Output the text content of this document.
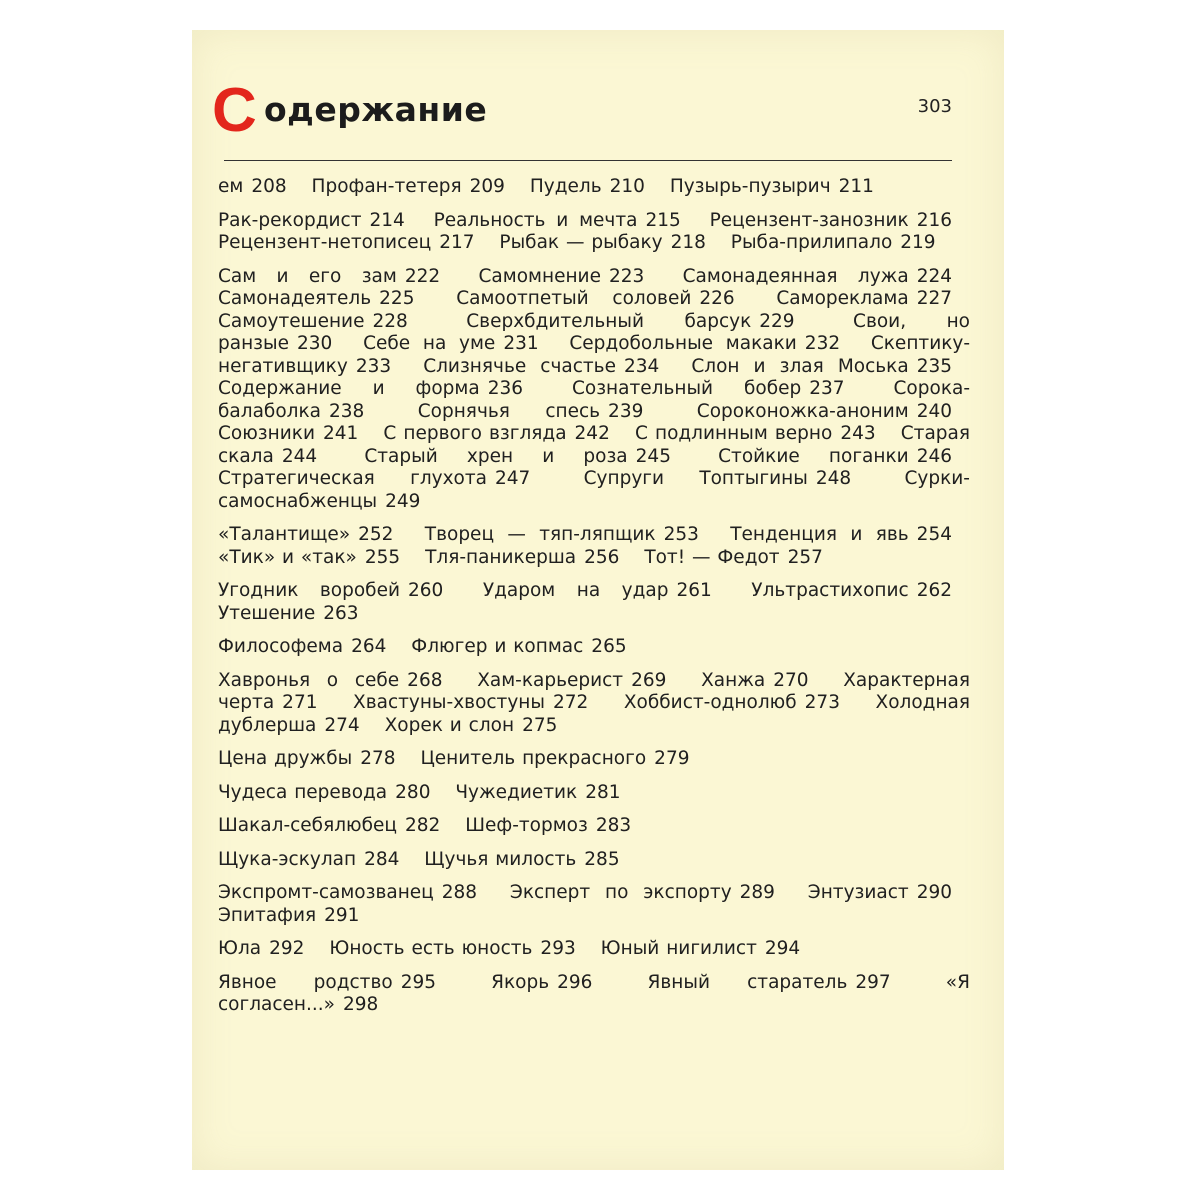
С одержание	303

ем 208 Профан-тетеря 209 Пудель 210 Пузырь-пузырич 211

Рак-рекордист 214 Реальность и мечта 215 Рецензент-занозник 216 Рецензент-нетописец 217 Рыбак — рыбаку 218 Рыба-прилипало 219

Сам и его зам 222 Самомнение 223 Самонадеянная лужа 224 Самонадеятель 225 Самоотпетый соловей 226 Самореклама 227 Самоутешение 228	Сверхбдительный барсук 229	Свои, но ранзые 230 Себе на уме 231 Сердобольные макаки 232 Скептику-негативщику 233 Слизнячье счастье 234 Слон и злая Моська 235 Содержание и форма 236	Сознательный бобер 237	Сорока-балаболка 238	Сорнячья спесь 239	Сороконожка-аноним 240 Союзники 241 С первого взгляда 242 С подлинным верно 243 Старая скала 244	Старый хрен и роза 245	Стойкие поганки 246 Стратегическая глухота 247	Супруги Топтыгины 248	Сурки-самоснабженцы 249

«Талантище» 252 Творец — тяп-ляпщик 253 Тенденция и явь 254 «Тик» и «так» 255 Тля-паникерша 256 Тот! — Федот 257

Угодник воробей 260 Ударом на удар 261 Ультрастихопис 262 Утешение 263

Философема 264 Флюгер и копмас 265

Хавронья о себе 268 Хам-карьерист 269 Ханжа 270 Характерная черта 271 Хвастуны-хвостуны 272 Хоббист-однолюб 273 Холодная дублерша 274 Хорек и слон 275

Цена дружбы 278 Ценитель прекрасного 279

Чудеса перевода 280 Чужедиетик 281

Шакал-себялюбец 282 Шеф-тормоз 283

Щука-эскулап 284 Щучья милость 285

Экспромт-самозванец 288 Эксперт по экспорту 289 Энтузиаст 290 Эпитафия 291

Юла 292 Юность есть юность 293 Юный нигилист 294

Явное родство 295	Якорь 296	Явный старатель 297	«Я согласен...» 298
